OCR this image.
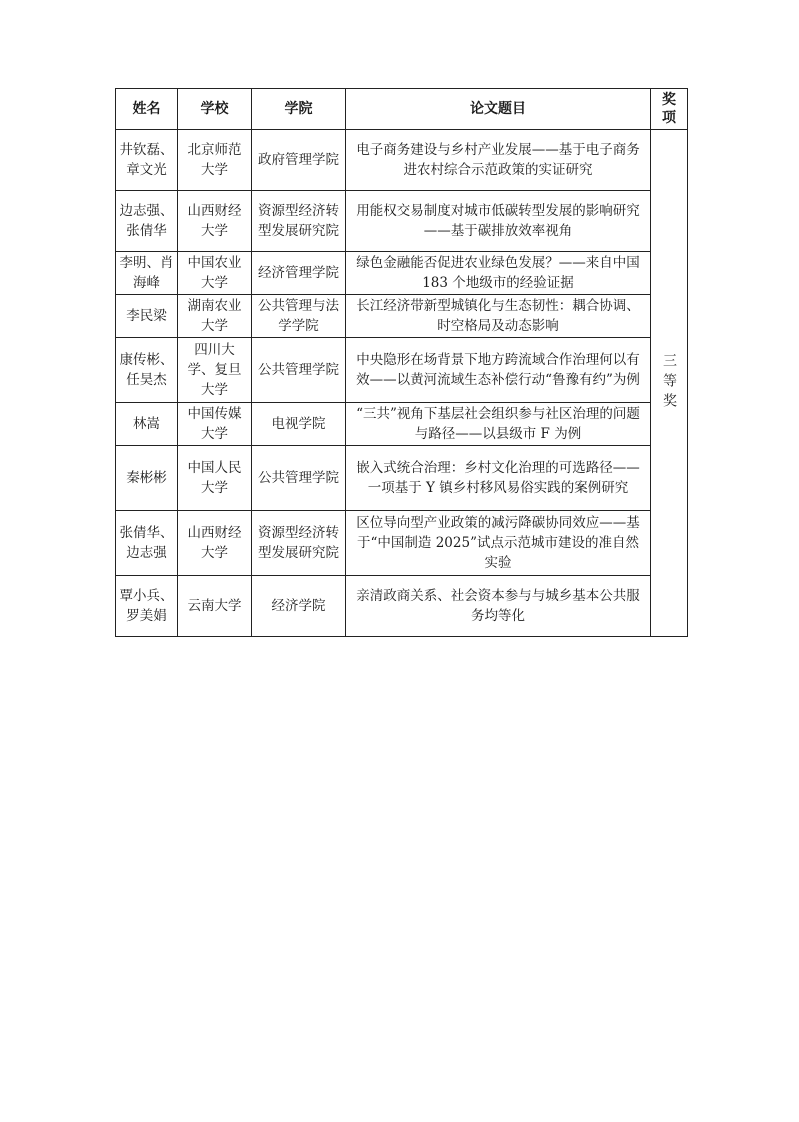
姓名	学校	学院	论文题目	奖项
井钦磊、章文光	北京师范大学	政府管理学院	电子商务建设与乡村产业发展——基于电子商务进农村综合示范政策的实证研究	三等奖
边志强、张倩华	山西财经大学	资源型经济转型发展研究院	用能权交易制度对城市低碳转型发展的影响研究——基于碳排放效率视角	
李明、肖海峰	中国农业大学	经济管理学院	绿色金融能否促进农业绿色发展？——来自中国 183 个地级市的经验证据	
李民梁	湖南农业大学	公共管理与法学学院	长江经济带新型城镇化与生态韧性：耦合协调、时空格局及动态影响	
康传彬、任昊杰	四川大学、复旦大学	公共管理学院	中央隐形在场背景下地方跨流域合作治理何以有效——以黄河流域生态补偿行动“鲁豫有约”为例	
林嵩	中国传媒大学	电视学院	“三共”视角下基层社会组织参与社区治理的问题与路径——以县级市 F 为例	
秦彬彬	中国人民大学	公共管理学院	嵌入式统合治理：乡村文化治理的可选路径——一项基于 Y 镇乡村移风易俗实践的案例研究	
张倩华、边志强	山西财经大学	资源型经济转型发展研究院	区位导向型产业政策的减污降碳协同效应——基于“中国制造 2025”试点示范城市建设的准自然实验	
覃小兵、罗美娟	云南大学	经济学院	亲清政商关系、社会资本参与与城乡基本公共服务均等化	
